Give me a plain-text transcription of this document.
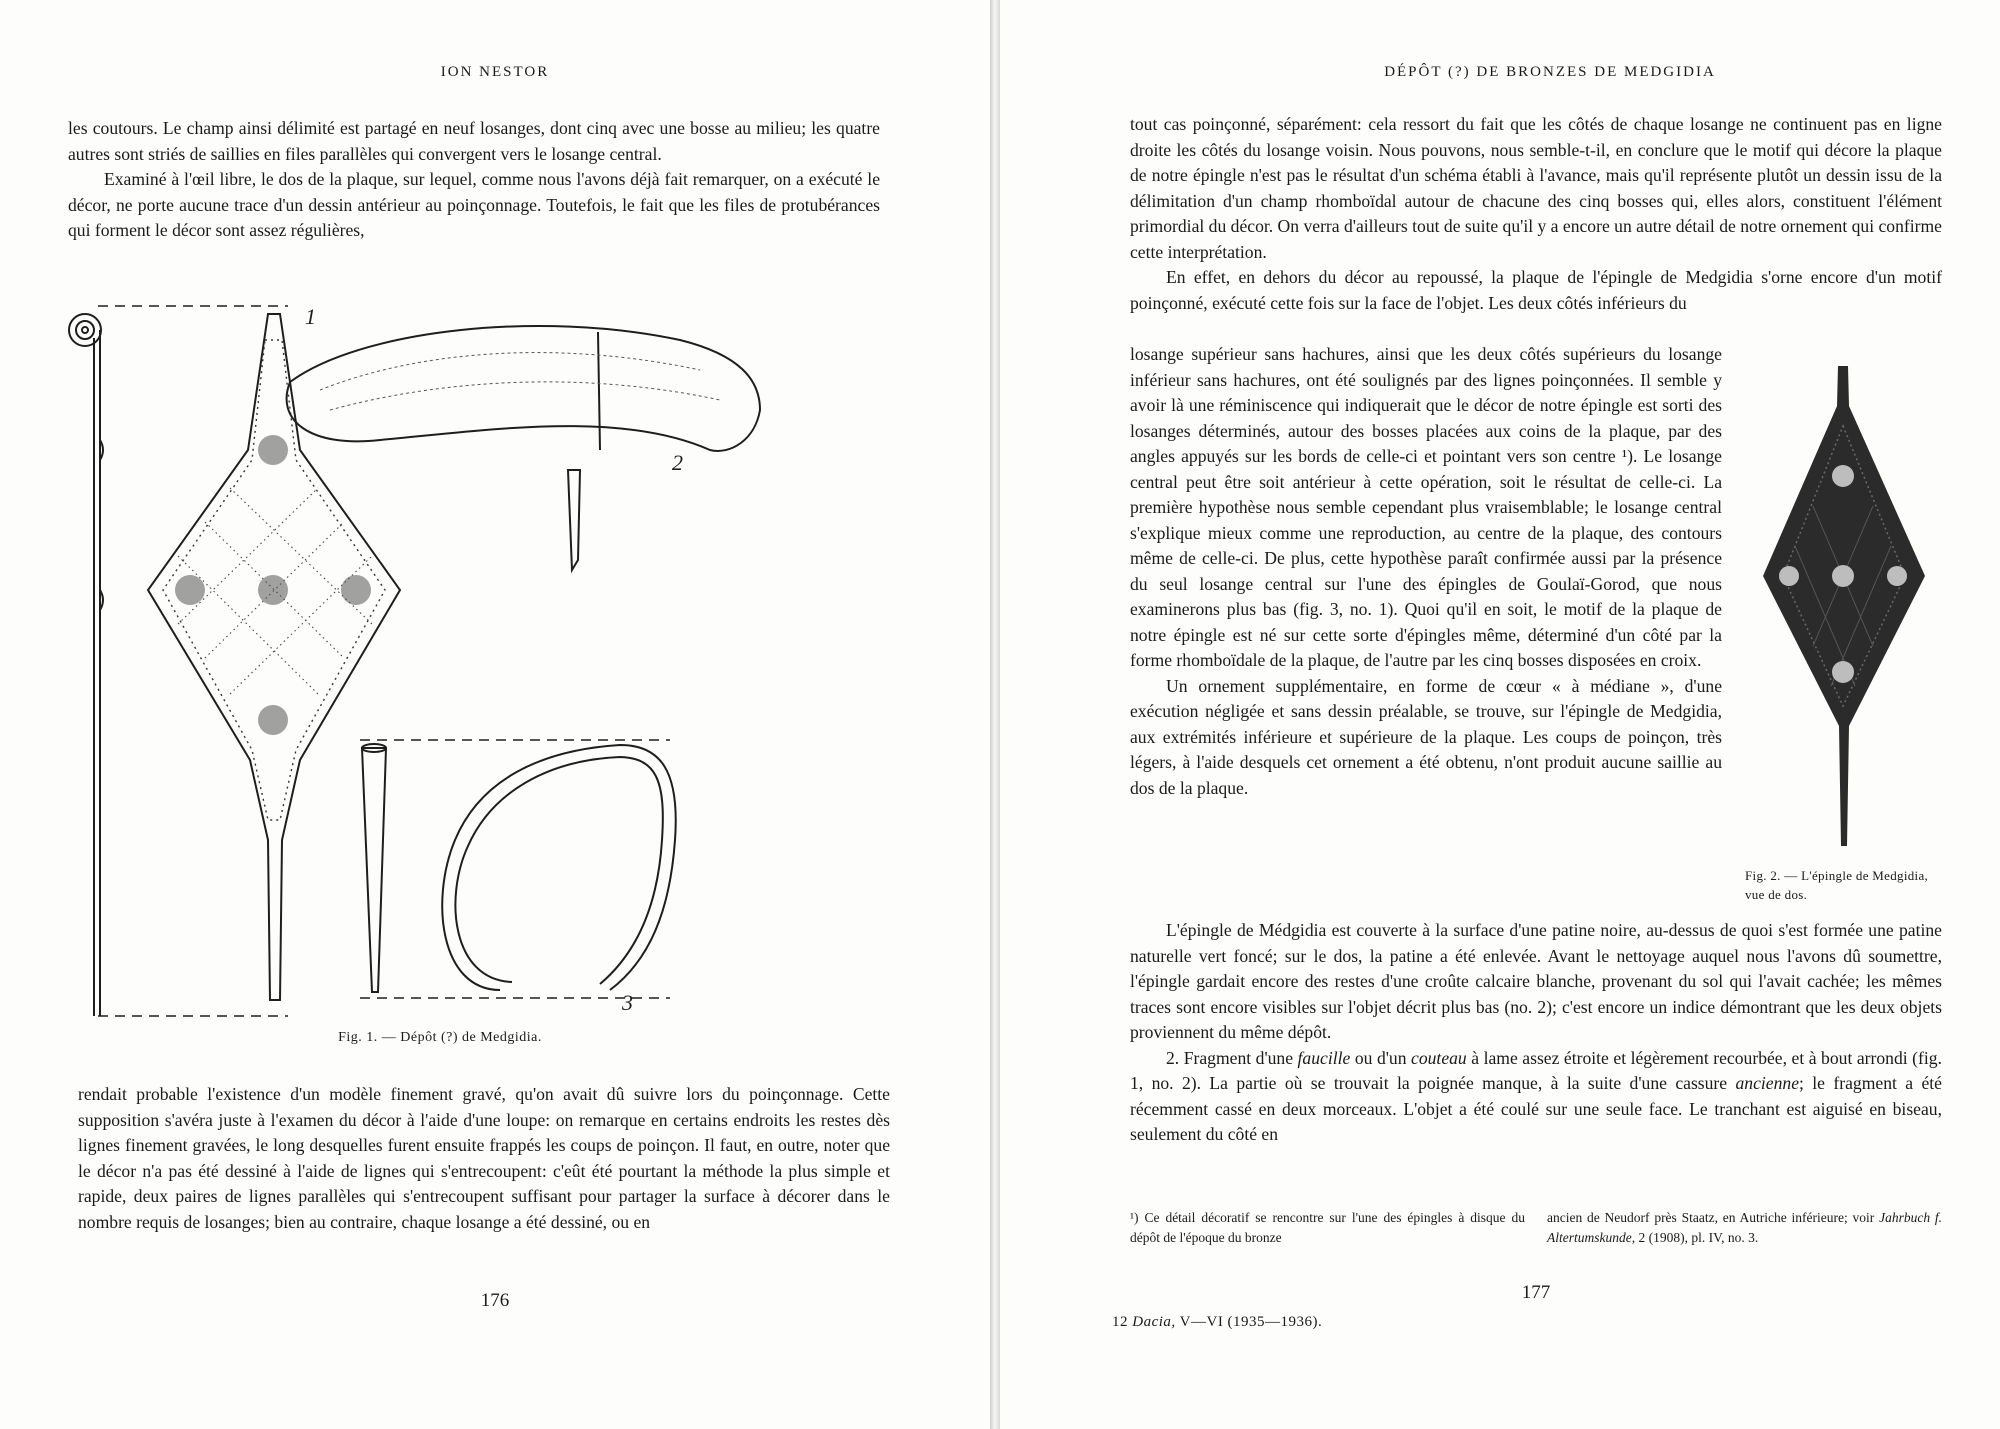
ION NESTOR

les coutours. Le champ ainsi délimité est partagé en neuf losanges, dont cinq avec une bosse au milieu; les quatre autres sont striés de saillies en files parallèles qui convergent vers le losange central.

Examiné à l'œil libre, le dos de la plaque, sur lequel, comme nous l'avons déjà fait remarquer, on a exécuté le décor, ne porte aucune trace d'un dessin antérieur au poinçonnage. Toutefois, le fait que les files de protubérances qui forment le décor sont assez régulières,

1
2
3
Fig. 1. — Dépôt (?) de Medgidia.

rendait probable l'existence d'un modèle finement gravé, qu'on avait dû suivre lors du poinçonnage. Cette supposition s'avéra juste à l'examen du décor à l'aide d'une loupe: on remarque en certains endroits les restes dès lignes finement gravées, le long desquelles furent ensuite frappés les coups de poinçon. Il faut, en outre, noter que le décor n'a pas été dessiné à l'aide de lignes qui s'entrecoupent: c'eût été pourtant la méthode la plus simple et rapide, deux paires de lignes parallèles qui s'entrecoupent suffisant pour partager la surface à décorer dans le nombre requis de losanges; bien au contraire, chaque losange a été dessiné, ou en

176
DÉPÔT (?) DE BRONZES DE MEDGIDIA

tout cas poinçonné, séparément: cela ressort du fait que les côtés de chaque losange ne continuent pas en ligne droite les côtés du losange voisin. Nous pouvons, nous semble-t-il, en conclure que le motif qui décore la plaque de notre épingle n'est pas le résultat d'un schéma établi à l'avance, mais qu'il représente plutôt un dessin issu de la délimitation d'un champ rhomboïdal autour de chacune des cinq bosses qui, elles alors, constituent l'élément primordial du décor. On verra d'ailleurs tout de suite qu'il y a encore un autre détail de notre ornement qui confirme cette interprétation.

En effet, en dehors du décor au repoussé, la plaque de l'épingle de Medgidia s'orne encore d'un motif poinçonné, exécuté cette fois sur la face de l'objet. Les deux côtés inférieurs du

losange supérieur sans hachures, ainsi que les deux côtés supérieurs du losange inférieur sans hachures, ont été soulignés par des lignes poinçonnées. Il semble y avoir là une réminiscence qui indiquerait que le décor de notre épingle est sorti des losanges déterminés, autour des bosses placées aux coins de la plaque, par des angles appuyés sur les bords de celle-ci et pointant vers son centre ¹). Le losange central peut être soit antérieur à cette opération, soit le résultat de celle-ci. La première hypothèse nous semble cependant plus vraisemblable; le losange central s'explique mieux comme une reproduction, au centre de la plaque, des contours même de celle-ci. De plus, cette hypothèse paraît confirmée aussi par la présence du seul losange central sur l'une des épingles de Goulaï-Gorod, que nous examinerons plus bas (fig. 3, no. 1). Quoi qu'il en soit, le motif de la plaque de notre épingle est né sur cette sorte d'épingles même, déterminé d'un côté par la forme rhomboïdale de la plaque, de l'autre par les cinq bosses disposées en croix.

Un ornement supplémentaire, en forme de cœur « à médiane », d'une exécution négligée et sans dessin préalable, se trouve, sur l'épingle de Medgidia, aux extrémités inférieure et supérieure de la plaque. Les coups de poinçon, très légers, à l'aide desquels cet ornement a été obtenu, n'ont produit aucune saillie au dos de la plaque.

Fig. 2. — L'épingle de Medgidia, vue de dos.

L'épingle de Médgidia est couverte à la surface d'une patine noire, au-dessus de quoi s'est formée une patine naturelle vert foncé; sur le dos, la patine a été enlevée. Avant le nettoyage auquel nous l'avons dû soumettre, l'épingle gardait encore des restes d'une croûte calcaire blanche, provenant du sol qui l'avait cachée; les mêmes traces sont encore visibles sur l'objet décrit plus bas (no. 2); c'est encore un indice démontrant que les deux objets proviennent du même dépôt.

2. Fragment d'une faucille ou d'un couteau à lame assez étroite et légèrement recourbée, et à bout arrondi (fig. 1, no. 2). La partie où se trouvait la poignée manque, à la suite d'une cassure ancienne; le fragment a été récemment cassé en deux morceaux. L'objet a été coulé sur une seule face. Le tranchant est aiguisé en biseau, seulement du côté en

¹) Ce détail décoratif se rencontre sur l'une des épingles à disque du dépôt de l'époque du bronze
ancien de Neudorf près Staatz, en Autriche inférieure; voir Jahrbuch f. Altertumskunde, 2 (1908), pl. IV, no. 3.
177
12 Dacia, V—VI (1935—1936).
